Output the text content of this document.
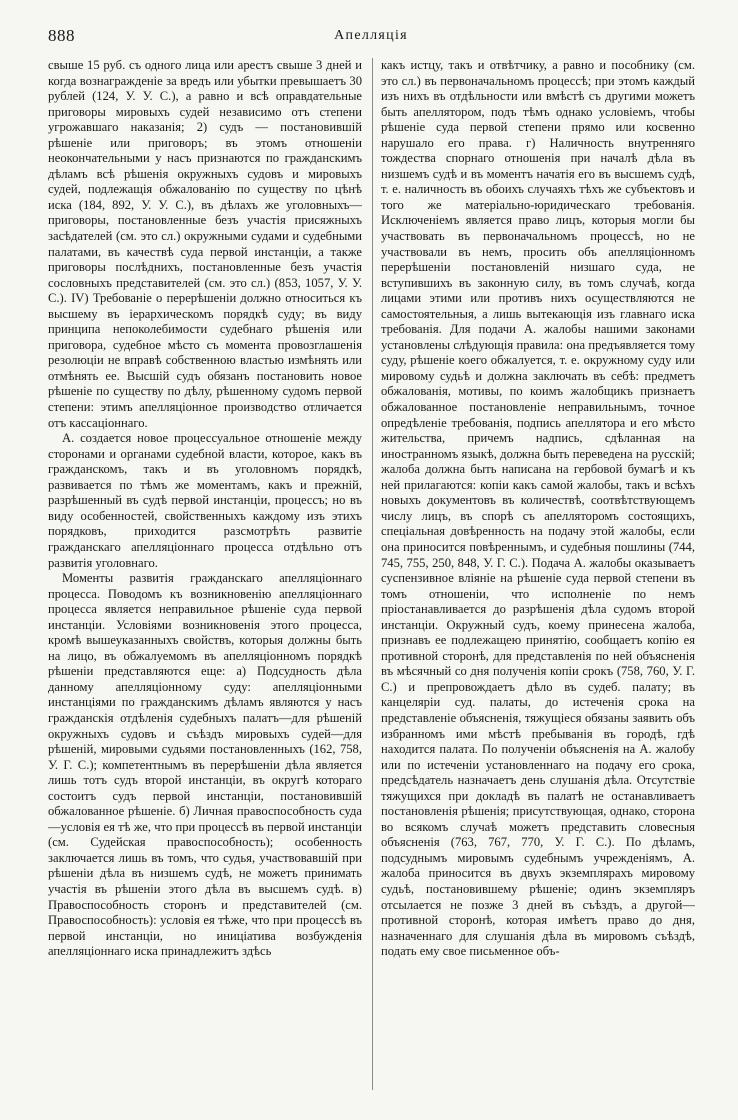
888	Апелляція

свыше 15 руб. съ одного лица или арестъ свыше 3 дней и когда вознагражденіе за вредъ или убытки превышаетъ 30 рублей (124, У. У. С.), а равно и всѣ оправдательные приговоры мировыхъ судей независимо отъ степени угрожавшаго наказанія; 2) судъ — постановившій рѣшеніе или приговоръ; въ этомъ отношеніи неокончательными у насъ признаются по гражданскимъ дѣламъ всѣ рѣшенія окружныхъ судовъ и мировыхъ судей, подлежащія обжалованію по существу по цѣнѣ иска (184, 892, У. У. С.), въ дѣлахъ же уголовныхъ—приговоры, постановленные безъ участія присяжныхъ засѣдателей (см. это сл.) окружными судами и судебными палатами, въ качествѣ суда первой инстанціи, а также приговоры послѣднихъ, постановленные безъ участія сословныхъ представителей (см. это сл.) (853, 1057, У. У. С.). IV) Требованіе о перерѣшеніи должно относиться къ высшему въ іерархическомъ порядкѣ суду; въ виду принципа непоколебимости судебнаго рѣшенія или приговора, судебное мѣсто съ момента провозглашенія резолюціи не вправѣ собственною властью измѣнять или отмѣнять ее. Высшій судъ обязанъ постановить новое рѣшеніе по существу по дѣлу, рѣшенному судомъ первой степени: этимъ апелляціонное производство отличается отъ кассаціоннаго.

А. создается новое процессуальное отношеніе между сторонами и органами судебной власти, которое, какъ въ гражданскомъ, такъ и въ уголовномъ порядкѣ, развивается по тѣмъ же моментамъ, какъ и прежній, разрѣшенный въ судѣ первой инстанціи, процессъ; но въ виду особенностей, свойственныхъ каждому изъ этихъ порядковъ, приходится разсмотрѣть развитіе гражданскаго апелляціоннаго процесса отдѣльно отъ развитія уголовнаго.

Моменты развитія гражданскаго апелляціоннаго процесса. Поводомъ къ возникновенію апелляціоннаго процесса является неправильное рѣшеніе суда первой инстанціи. Условіями возникновенія этого процесса, кромѣ вышеуказанныхъ свойствъ, которыя должны быть на лицо, въ обжалуемомъ въ апелляціонномъ порядкѣ рѣшеніи представляются еще: а) Подсудность дѣла данному апелляціонному суду: апелляціонными инстанціями по гражданскимъ дѣламъ являются у насъ гражданскія отдѣленія судебныхъ палатъ—для рѣшеній окружныхъ судовъ и съѣздъ мировыхъ судей—для рѣшеній, мировыми судьями постановленныхъ (162, 758, У. Г. С.); компетентнымъ въ перерѣшеніи дѣла является лишь тотъ судъ второй инстанціи, въ округѣ котораго состоитъ судъ первой инстанціи, постановившій обжалованное рѣшеніе. б) Личная правоспособность суда—условія ея тѣ же, что при процессѣ въ первой инстанціи (см. Судейская правоспособность); особенность заключается лишь въ томъ, что судья, участвовавшій при рѣшеніи дѣла въ низшемъ судѣ, не можетъ принимать участія въ рѣшеніи этого дѣла въ высшемъ судѣ. в) Правоспособность сторонъ и представителей (см. Правоспособность): условія ея тѣже, что при процессѣ въ первой инстанціи, но иниціатива возбужденія апелляціоннаго иска принадлежитъ здѣсь

какъ истцу, такъ и отвѣтчику, а равно и пособнику (см. это сл.) въ первоначальномъ процессѣ; при этомъ каждый изъ нихъ въ отдѣльности или вмѣстѣ съ другими можетъ быть апеллятором, подъ тѣмъ однако условіемъ, чтобы рѣшеніе суда первой степени прямо или косвенно нарушало его права. г) Наличность внутренняго тождества спорнаго отношенія при началѣ дѣла въ низшемъ судѣ и въ моментъ начатія его въ высшемъ судѣ, т. е. наличность въ обоихъ случаяхъ тѣхъ же субъектовъ и того же матеріально-юридическаго требованія. Исключеніемъ является право лицъ, которыя могли бы участвовать въ первоначальномъ процессѣ, но не участвовали въ немъ, просить объ апелляціонномъ перерѣшеніи постановленій низшаго суда, не вступившихъ въ законную силу, въ томъ случаѣ, когда лицами этими или противъ нихъ осуществляются не самостоятельныя, а лишь вытекающія изъ главнаго иска требованія. Для подачи А. жалобы нашими законами установлены слѣдующія правила: она предъявляется тому суду, рѣшеніе коего обжалуется, т. е. окружному суду или мировому судьѣ и должна заключать въ себѣ: предметъ обжалованія, мотивы, по коимъ жалобщикъ признаетъ обжалованное постановленіе неправильнымъ, точное опредѣленіе требованія, подпись апеллятора и его мѣсто жительства, причемъ надпись, сдѣланная на иностранномъ языкѣ, должна быть переведена на русскій; жалоба должна быть написана на гербовой бумагѣ и къ ней прилагаются: копіи какъ самой жалобы, такъ и всѣхъ новыхъ документовъ въ количествѣ, соотвѣтствующемъ числу лицъ, въ спорѣ съ апелляторомъ состоящихъ, спеціальная довѣренность на подачу этой жалобы, если она приносится повѣреннымъ, и судебныя пошлины (744, 745, 755, 250, 848, У. Г. С.). Подача А. жалобы оказываетъ суспензивное вліяніе на рѣшеніе суда первой степени въ томъ отношеніи, что исполненіе по немъ пріостанавливается до разрѣшенія дѣла судомъ второй инстанціи. Окружный судъ, коему принесена жалоба, признавъ ее подлежащею принятію, сообщаетъ копію ея противной сторонѣ, для представленія по ней объясненія въ мѣсячный со дня полученія копіи срокъ (758, 760, У. Г. С.) и препровождаетъ дѣло въ судеб. палату; въ канцеляріи суд. палаты, до истеченія срока на представленіе объясненія, тяжущіеся обязаны заявить объ избранномъ ими мѣстѣ пребыванія въ городѣ, гдѣ находится палата. По полученіи объясненія на А. жалобу или по истеченіи установленнаго на подачу его срока, предсѣдатель назначаетъ день слушанія дѣла. Отсутствіе тяжущихся при докладѣ въ палатѣ не останавливаетъ постановленія рѣшенія; присутствующая, однако, сторона во всякомъ случаѣ можетъ представить словесныя объясненія (763, 767, 770, У. Г. С.). По дѣламъ, подсуднымъ мировымъ судебнымъ учрежденіямъ, А. жалоба приносится въ двухъ экземплярахъ мировому судьѣ, постановившему рѣшеніе; одинъ экземпляръ отсылается не позже 3 дней въ съѣздъ, а другой—противной сторонѣ, которая имѣетъ право до дня, назначеннаго для слушанія дѣла въ мировомъ съѣздѣ, подать ему свое письменное объ-
